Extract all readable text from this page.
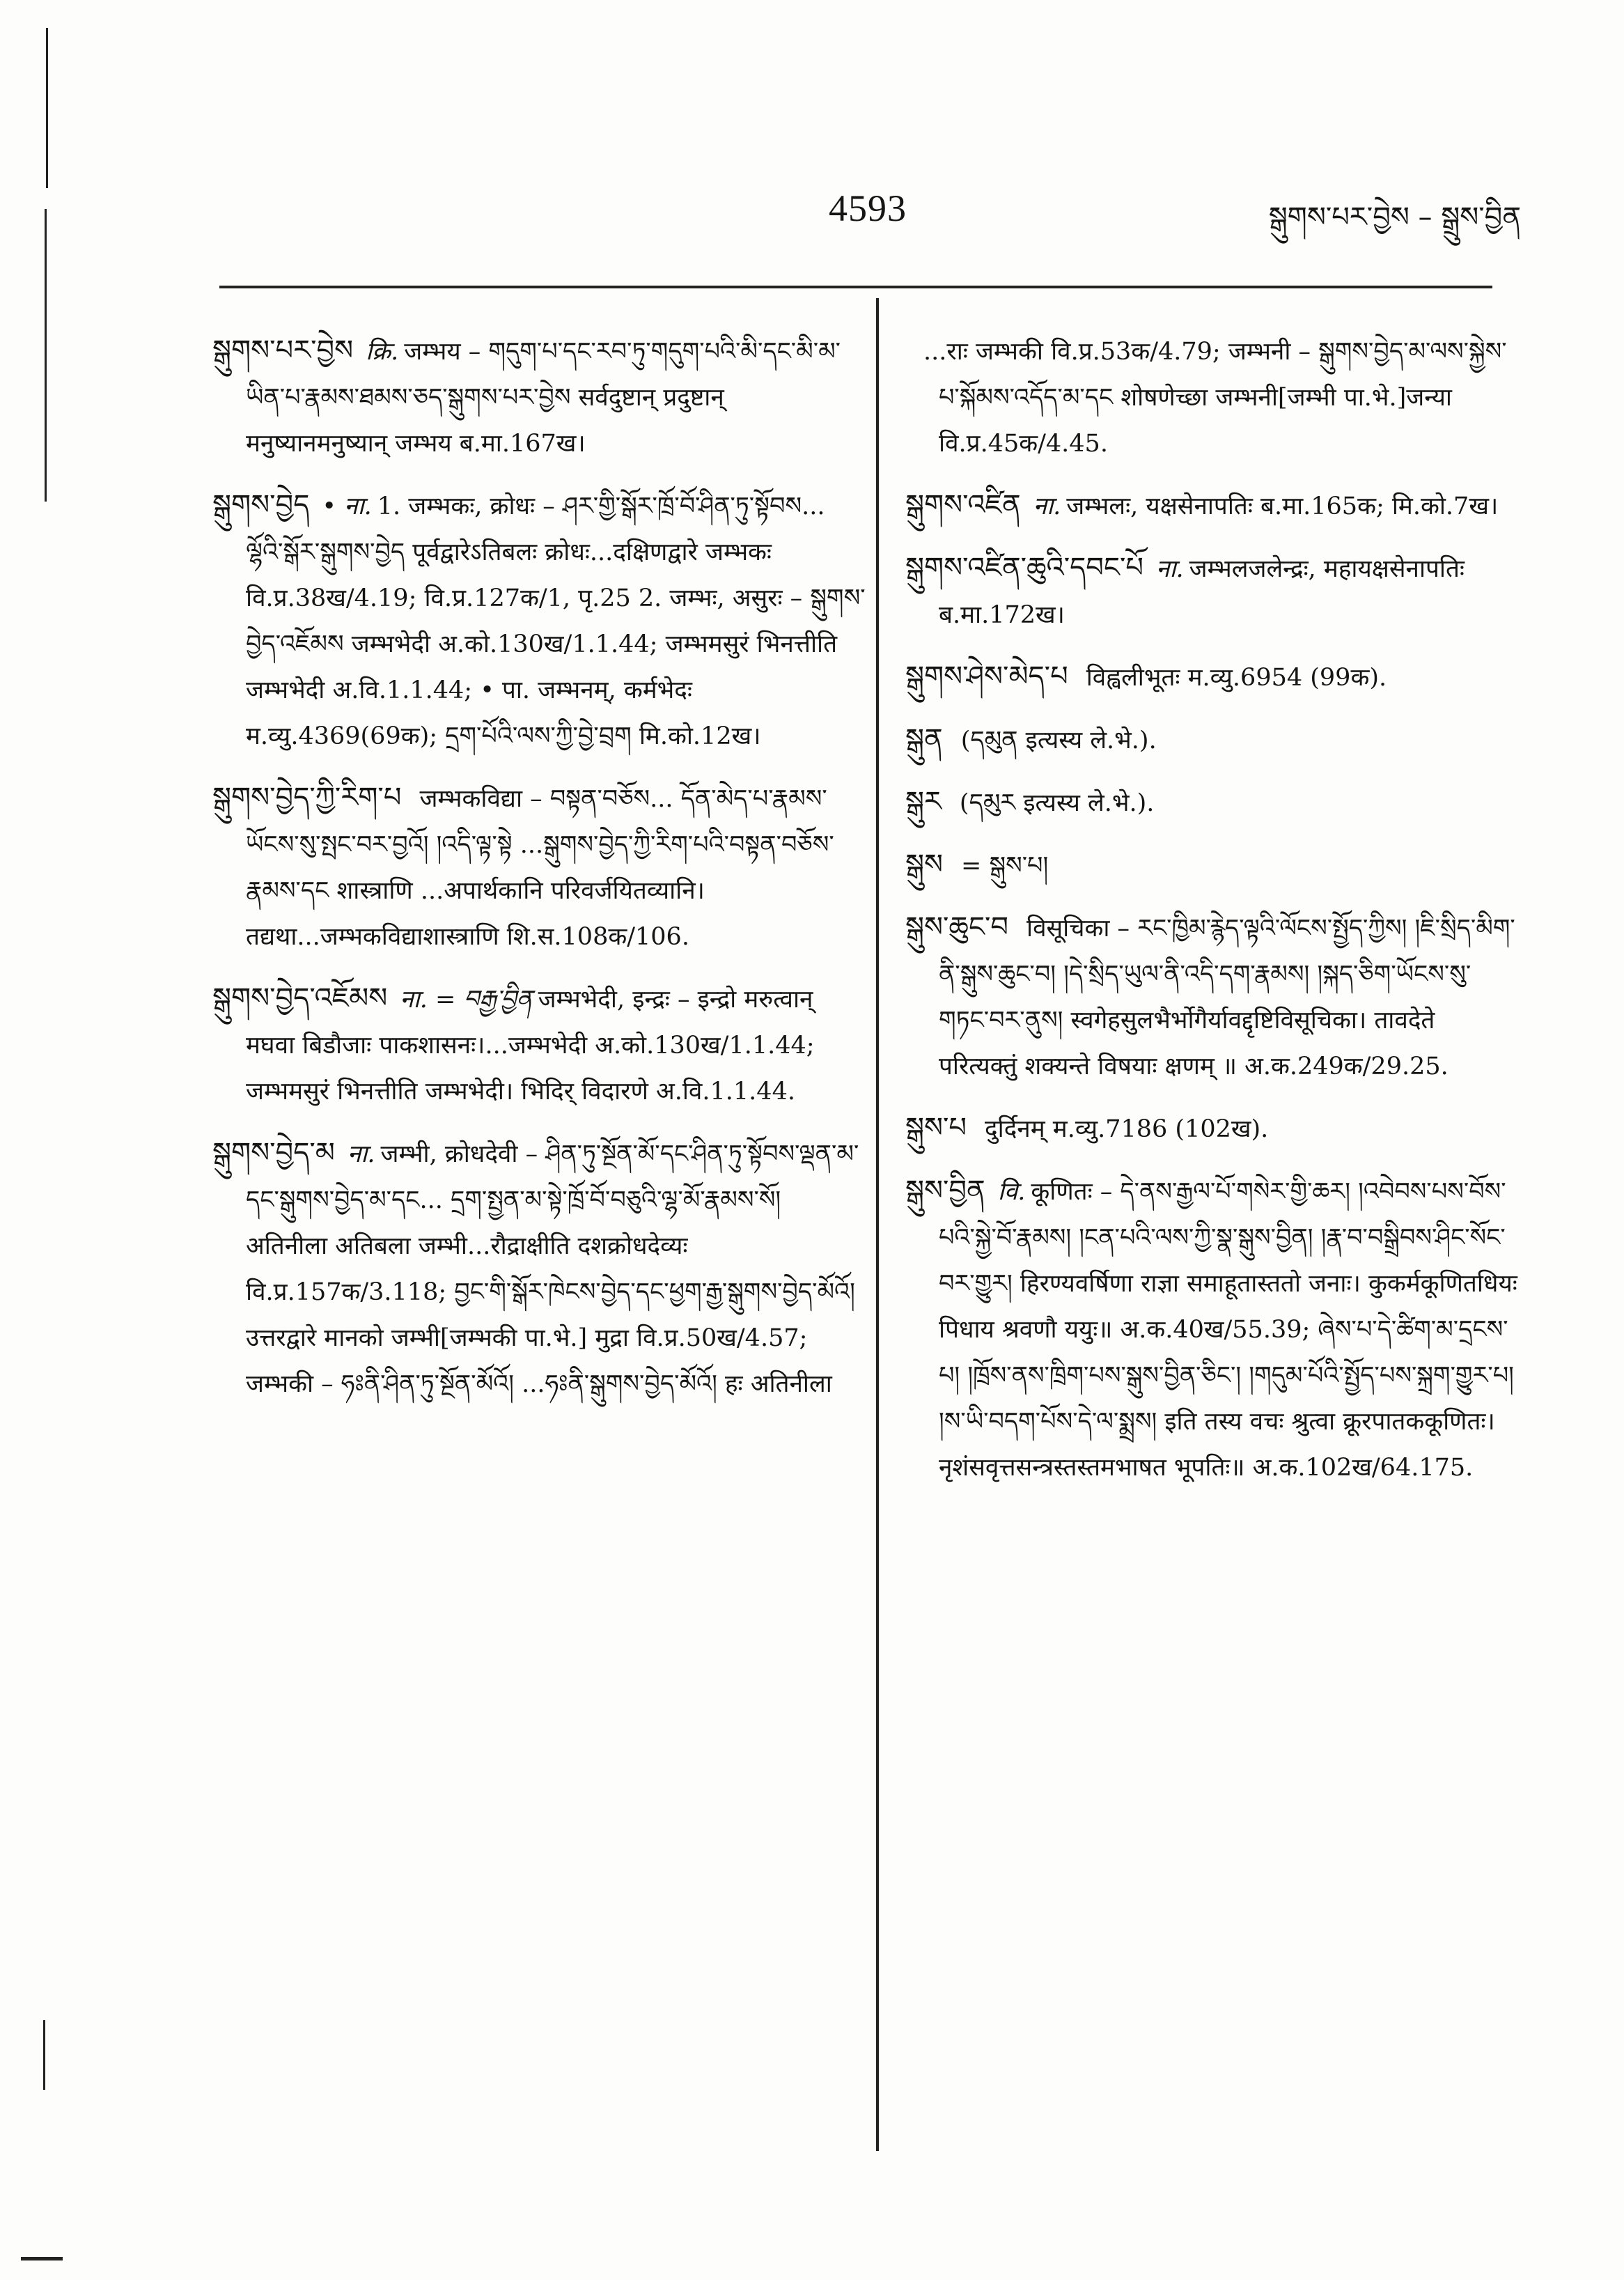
4593	སྒུགས་པར་བྱེས – སྒྲུས་བྱིན

སྒུགས་པར་བྱེས क्रि. जम्भय – གདུག་པ་དང་རབ་ཏུ་གདུག་པའི་མི་དང་མི་མ་ཡིན་པ་རྣམས་ཐམས་ཅད་སྒུགས་པར་བྱེས सर्वदुष्टान् प्रदुष्टान् मनुष्यानमनुष्यान् जम्भय ब.मा.167ख।

སྒུགས་བྱེད • ना. 1. जम्भकः, क्रोधः – ཤར་གྱི་སྒོར་ཁྲོ་བོ་ཤིན་ཏུ་སྟོབས... ལྷོའི་སྒོར་སྒུགས་བྱེད पूर्वद्वारेऽतिबलः क्रोधः...दक्षिणद्वारे जम्भकः वि.प्र.38ख/4.19; वि.प्र.127क/1, पृ.25 2. जम्भः, असुरः – སྒུགས་བྱེད་འཇོམས जम्भभेदी अ.को.130ख/1.1.44; जम्भमसुरं भिनत्तीति जम्भभेदी अ.वि.1.1.44; • पा. जम्भनम्, कर्मभेदः म.व्यु.4369(69क); དྲག་པོའི་ལས་ཀྱི་བྱེ་བྲག मि.को.12ख।

སྒུགས་བྱེད་ཀྱི་རིག་པ जम्भकविद्या – བསྟན་བཅོས... དོན་མེད་པ་རྣམས་ཡོངས་སུ་སྤང་བར་བྱའོ། །འདི་ལྟ་སྟེ ...སྒུགས་བྱེད་ཀྱི་རིག་པའི་བསྟན་བཅོས་རྣམས་དང शास्त्राणि ...अपार्थकानि परिवर्जयितव्यानि। तद्यथा...जम्भकविद्याशास्त्राणि शि.स.108क/106.

སྒུགས་བྱེད་འཇོམས ना. = བརྒྱ་བྱིན जम्भभेदी, इन्द्रः – इन्द्रो मरुत्वान् मघवा बिडौजाः पाकशासनः।...जम्भभेदी अ.को.130ख/1.1.44; जम्भमसुरं भिनत्तीति जम्भभेदी। भिदिर् विदारणे अ.वि.1.1.44.

སྒུགས་བྱེད་མ ना. जम्भी, क्रोधदेवी – ཤིན་ཏུ་སྔོན་མོ་དང་ཤིན་ཏུ་སྟོབས་ལྡན་མ་དང་སྒུགས་བྱེད་མ་དང... དྲག་སྤྱན་མ་སྟེ་ཁྲོ་བོ་བཅུའི་ལྷ་མོ་རྣམས་སོ། अतिनीला अतिबला जम्भी...रौद्राक्षीति दशक्रोधदेव्यः वि.प्र.157क/3.118; བྱང་གི་སྒོར་ཁེངས་བྱེད་དང་ཕྱག་རྒྱ་སྒུགས་བྱེད་མོའོ། उत्तरद्वारे मानको जम्भी[जम्भकी पा.भे.] मुद्रा वि.प्र.50ख/4.57; जम्भकी – ཧཿནི་ཤིན་ཏུ་སྔོན་མོའོ། ...ཧཿནི་སྒུགས་བྱེད་མོའོ། हः अतिनीला

...राः जम्भकी वि.प्र.53क/4.79; जम्भनी – སྒུགས་བྱེད་མ་ལས་སྐྱེས་པ་སྐོམས་འདོད་མ་དང शोषणेच्छा जम्भनी[जम्भी पा.भे.]जन्या वि.प्र.45क/4.45.

སྒུགས་འཛིན ना. जम्भलः, यक्षसेनापतिः ब.मा.165क; मि.को.7ख।

སྒུགས་འཛིན་ཆུའི་དབང་པོ ना. जम्भलजलेन्द्रः, महायक्षसेनापतिः ब.मा.172ख।

སྒུགས་ཤེས་མེད་པ विह्वलीभूतः म.व्यु.6954 (99क).

སྒུན (དམུན इत्यस्य ले.भे.).

སྒུར (དམུར इत्यस्य ले.भे.).

སྒུས = སྒུས་པ།

སྒུས་ཆུང་བ विसूचिका – རང་ཁྱིམ་རྙེད་ལྟའི་ལོངས་སྤྱོད་ཀྱིས། །ཇི་སྲིད་མིག་ནི་སྒུས་ཆུང་བ། །དེ་སྲིད་ཡུལ་ནི་འདི་དག་རྣམས། །སྐད་ཅིག་ཡོངས་སུ་གཏང་བར་ནུས། स्वगेहसुलभैर्भोगैर्यावद्दृष्टिविसूचिका। तावदेते परित्यक्तुं शक्यन्ते विषयाः क्षणम् ॥ अ.क.249क/29.25.

སྒུས་པ दुर्दिनम् म.व्यु.7186 (102ख).

སྒུས་བྱིན वि. कूणितः – དེ་ནས་རྒྱལ་པོ་གསེར་གྱི་ཆར། །འབེབས་པས་བོས་པའི་སྐྱེ་བོ་རྣམས། །ངན་པའི་ལས་ཀྱི་སྣ་སྒུས་བྱིན། །རྣ་བ་བསྒྲིབས་ཤིང་སོང་བར་གྱུར། हिरण्यवर्षिणा राज्ञा समाहूतास्ततो जनाः। कुकर्मकूणितधियः पिधाय श्रवणौ ययुः॥ अ.क.40ख/55.39; ཞེས་པ་དེ་ཚིག་མ་དྲངས་པ། །ཁྲོས་ནས་ཁྲིག་པས་སྒུས་བྱིན་ཅིང་། །གདུམ་པོའི་སྤྱོད་པས་སྐྲག་གྱུར་པ། །ས་ཡི་བདག་པོས་དེ་ལ་སྨྲས། इति तस्य वचः श्रुत्वा क्रूरपातककूणितः। नृशंसवृत्तसन्त्रस्तस्तमभाषत भूपतिः॥ अ.क.102ख/64.175.
